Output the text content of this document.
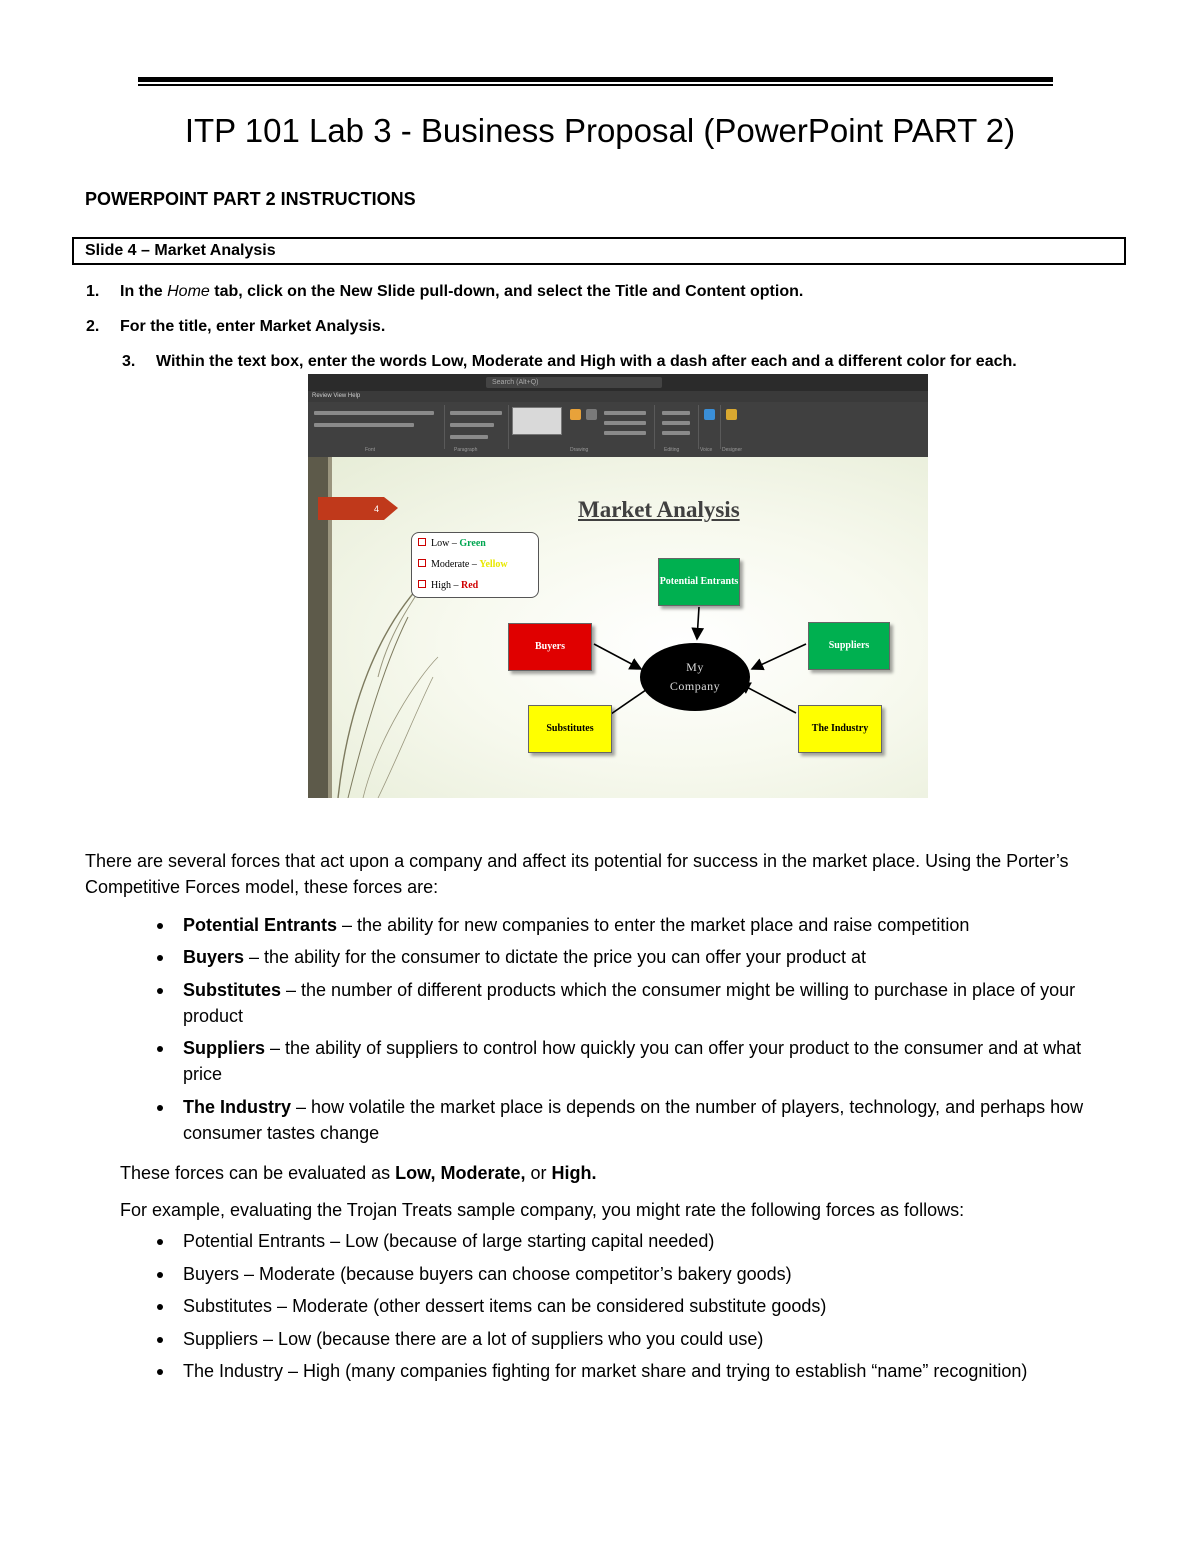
ITP 101 Lab 3 - Business Proposal (PowerPoint PART 2)
POWERPOINT PART 2 INSTRUCTIONS
Slide 4 – Market Analysis
1. In the Home tab, click on the New Slide pull-down, and select the Title and Content option.
2. For the title, enter Market Analysis.
3. Within the text box, enter the words Low, Moderate and High with a dash after each and a different color for each.
Search (Alt+Q)
Review View Help
Font	Paragraph	Drawing	Editing	Voice Designer
4	Market Analysis
Low – Green
Moderate – Yellow
High – Red	Potential Entrants
Buyers	Suppliers
Substitutes	The Industry
My
Company
There are several forces that act upon a company and affect its potential for success in the market place. Using the Porter’s Competitive Forces model, these forces are:
Potential Entrants – the ability for new companies to enter the market place and raise competition
Buyers – the ability for the consumer to dictate the price you can offer your product at
Substitutes – the number of different products which the consumer might be willing to purchase in place of your product
Suppliers – the ability of suppliers to control how quickly you can offer your product to the consumer and at what price
The Industry – how volatile the market place is depends on the number of players, technology, and perhaps how consumer tastes change
These forces can be evaluated as Low, Moderate, or High.
For example, evaluating the Trojan Treats sample company, you might rate the following forces as follows:
Potential Entrants – Low (because of large starting capital needed)
Buyers – Moderate (because buyers can choose competitor’s bakery goods)
Substitutes – Moderate (other dessert items can be considered substitute goods)
Suppliers – Low (because there are a lot of suppliers who you could use)
The Industry – High (many companies fighting for market share and trying to establish “name” recognition)
